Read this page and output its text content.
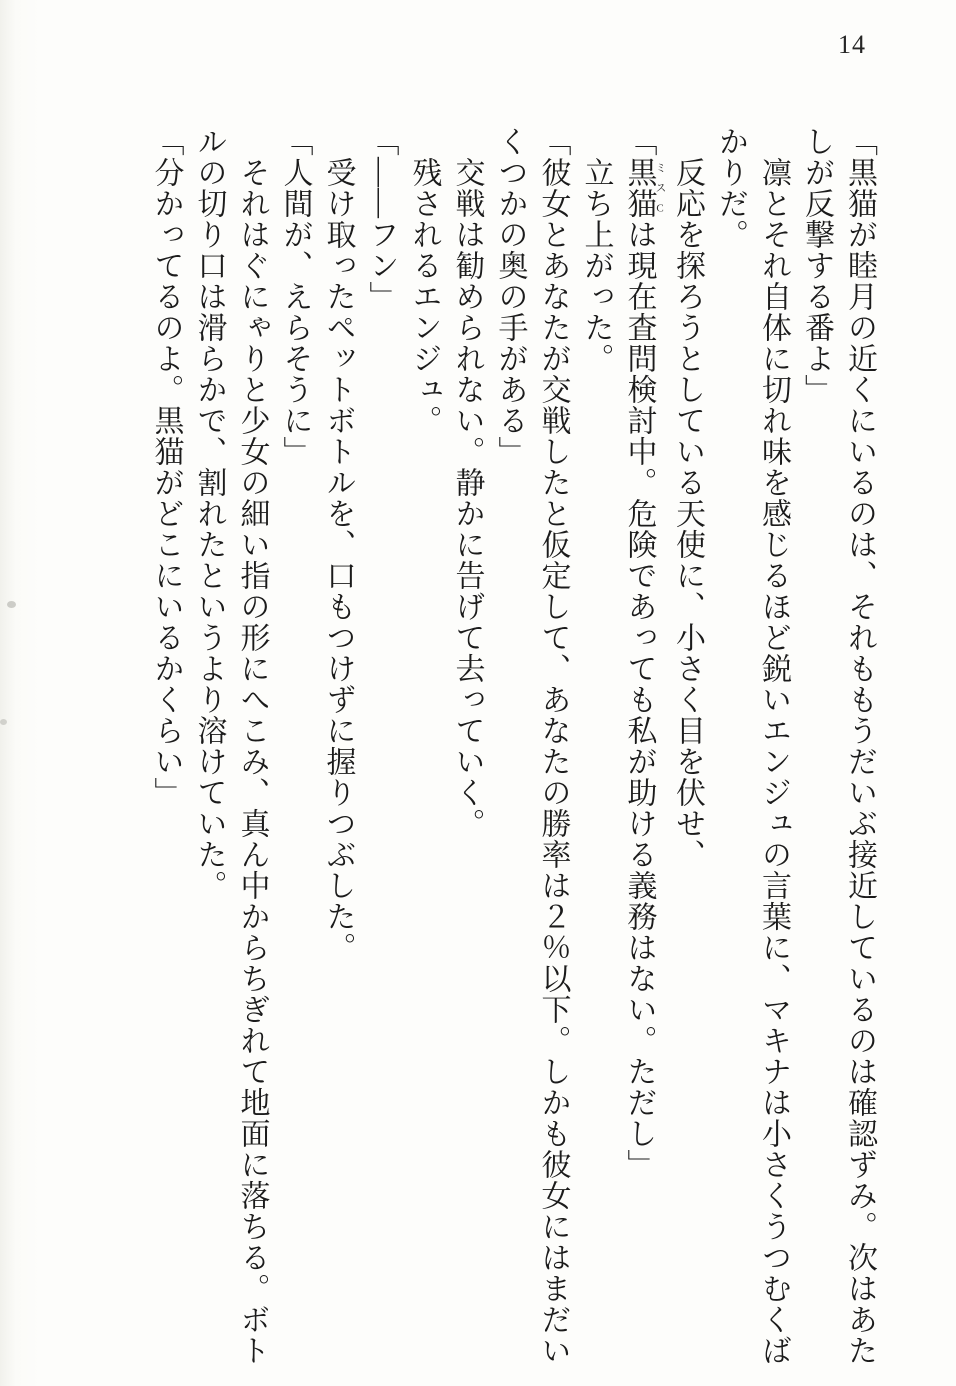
14

「黒猫が睦月の近くにいるのは、それももうだいぶ接近しているのは確認ずみ。次はあたしが反撃する番よ」

凛とそれ自体に切れ味を感じるほど鋭いエンジュの言葉に、マキナは小さくうつむくばかりだ。

反応を探ろうとしている天使に、小さく目を伏せ、

「黒猫ミスCは現在査問検討中。危険であっても私が助ける義務はない。ただし」

立ち上がった。

「彼女とあなたが交戦したと仮定して、あなたの勝率は２％以下。しかも彼女にはまだいくつかの奥の手がある」

交戦は勧められない。静かに告げて去っていく。

残されるエンジュ。

「――フン」

受け取ったペットボトルを、口もつけずに握りつぶした。

「人間が、えらそうに」

それはぐにゃりと少女の細い指の形にへこみ、真ん中からちぎれて地面に落ちる。ボトルの切り口は滑らかで、割れたというより溶けていた。

「分かってるのよ。黒猫がどこにいるかくらい」
